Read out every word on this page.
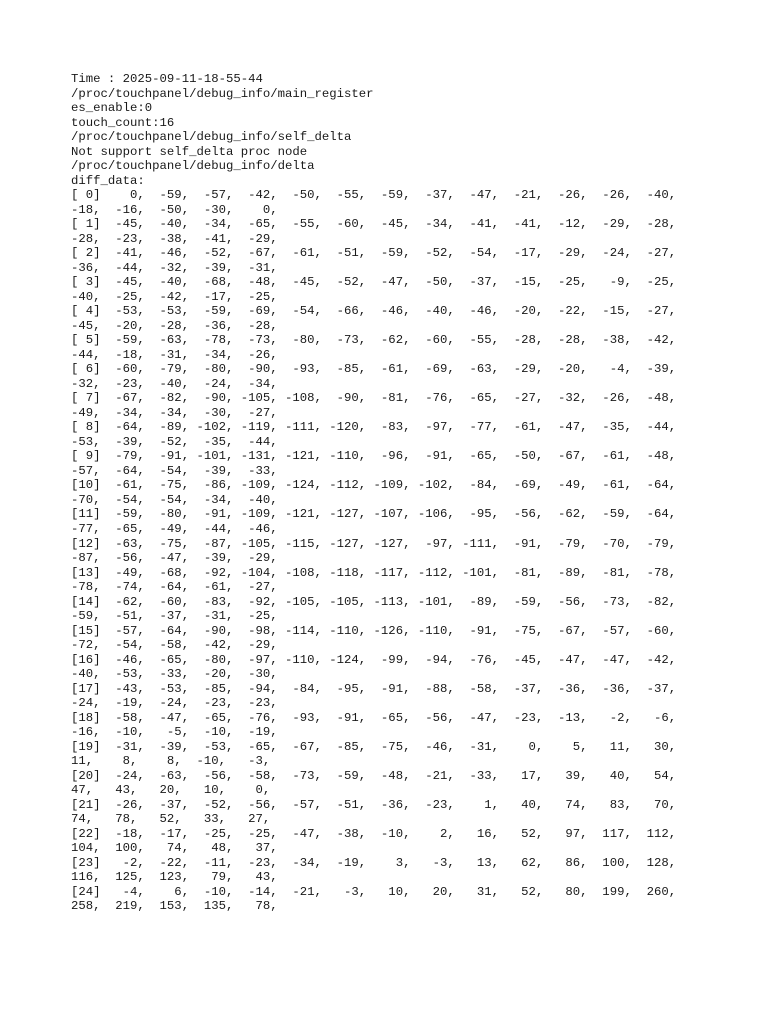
Time : 2025-09-11-18-55-44
/proc/touchpanel/debug_info/main_register
es_enable:0
touch_count:16
/proc/touchpanel/debug_info/self_delta
Not support self_delta proc node
/proc/touchpanel/debug_info/delta
diff_data:
[ 0]    0,  -59,  -57,  -42,  -50,  -55,  -59,  -37,  -47,  -21,  -26,  -26,  -40,
-18,  -16,  -50,  -30,    0,
[ 1]  -45,  -40,  -34,  -65,  -55,  -60,  -45,  -34,  -41,  -41,  -12,  -29,  -28,
-28,  -23,  -38,  -41,  -29,
[ 2]  -41,  -46,  -52,  -67,  -61,  -51,  -59,  -52,  -54,  -17,  -29,  -24,  -27,
-36,  -44,  -32,  -39,  -31,
[ 3]  -45,  -40,  -68,  -48,  -45,  -52,  -47,  -50,  -37,  -15,  -25,   -9,  -25,
-40,  -25,  -42,  -17,  -25,
[ 4]  -53,  -53,  -59,  -69,  -54,  -66,  -46,  -40,  -46,  -20,  -22,  -15,  -27,
-45,  -20,  -28,  -36,  -28,
[ 5]  -59,  -63,  -78,  -73,  -80,  -73,  -62,  -60,  -55,  -28,  -28,  -38,  -42,
-44,  -18,  -31,  -34,  -26,
[ 6]  -60,  -79,  -80,  -90,  -93,  -85,  -61,  -69,  -63,  -29,  -20,   -4,  -39,
-32,  -23,  -40,  -24,  -34,
[ 7]  -67,  -82,  -90, -105, -108,  -90,  -81,  -76,  -65,  -27,  -32,  -26,  -48,
-49,  -34,  -34,  -30,  -27,
[ 8]  -64,  -89, -102, -119, -111, -120,  -83,  -97,  -77,  -61,  -47,  -35,  -44,
-53,  -39,  -52,  -35,  -44,
[ 9]  -79,  -91, -101, -131, -121, -110,  -96,  -91,  -65,  -50,  -67,  -61,  -48,
-57,  -64,  -54,  -39,  -33,
[10]  -61,  -75,  -86, -109, -124, -112, -109, -102,  -84,  -69,  -49,  -61,  -64,
-70,  -54,  -54,  -34,  -40,
[11]  -59,  -80,  -91, -109, -121, -127, -107, -106,  -95,  -56,  -62,  -59,  -64,
-77,  -65,  -49,  -44,  -46,
[12]  -63,  -75,  -87, -105, -115, -127, -127,  -97, -111,  -91,  -79,  -70,  -79,
-87,  -56,  -47,  -39,  -29,
[13]  -49,  -68,  -92, -104, -108, -118, -117, -112, -101,  -81,  -89,  -81,  -78,
-78,  -74,  -64,  -61,  -27,
[14]  -62,  -60,  -83,  -92, -105, -105, -113, -101,  -89,  -59,  -56,  -73,  -82,
-59,  -51,  -37,  -31,  -25,
[15]  -57,  -64,  -90,  -98, -114, -110, -126, -110,  -91,  -75,  -67,  -57,  -60,
-72,  -54,  -58,  -42,  -29,
[16]  -46,  -65,  -80,  -97, -110, -124,  -99,  -94,  -76,  -45,  -47,  -47,  -42,
-40,  -53,  -33,  -20,  -30,
[17]  -43,  -53,  -85,  -94,  -84,  -95,  -91,  -88,  -58,  -37,  -36,  -36,  -37,
-24,  -19,  -24,  -23,  -23,
[18]  -58,  -47,  -65,  -76,  -93,  -91,  -65,  -56,  -47,  -23,  -13,   -2,   -6,
-16,  -10,   -5,  -10,  -19,
[19]  -31,  -39,  -53,  -65,  -67,  -85,  -75,  -46,  -31,    0,    5,   11,   30,
11,    8,    8,  -10,   -3,
[20]  -24,  -63,  -56,  -58,  -73,  -59,  -48,  -21,  -33,   17,   39,   40,   54,
47,   43,   20,   10,    0,
[21]  -26,  -37,  -52,  -56,  -57,  -51,  -36,  -23,    1,   40,   74,   83,   70,
74,   78,   52,   33,   27,
[22]  -18,  -17,  -25,  -25,  -47,  -38,  -10,    2,   16,   52,   97,  117,  112,
104,  100,   74,   48,   37,
[23]   -2,  -22,  -11,  -23,  -34,  -19,    3,   -3,   13,   62,   86,  100,  128,
116,  125,  123,   79,   43,
[24]   -4,    6,  -10,  -14,  -21,   -3,   10,   20,   31,   52,   80,  199,  260,
258,  219,  153,  135,   78,
